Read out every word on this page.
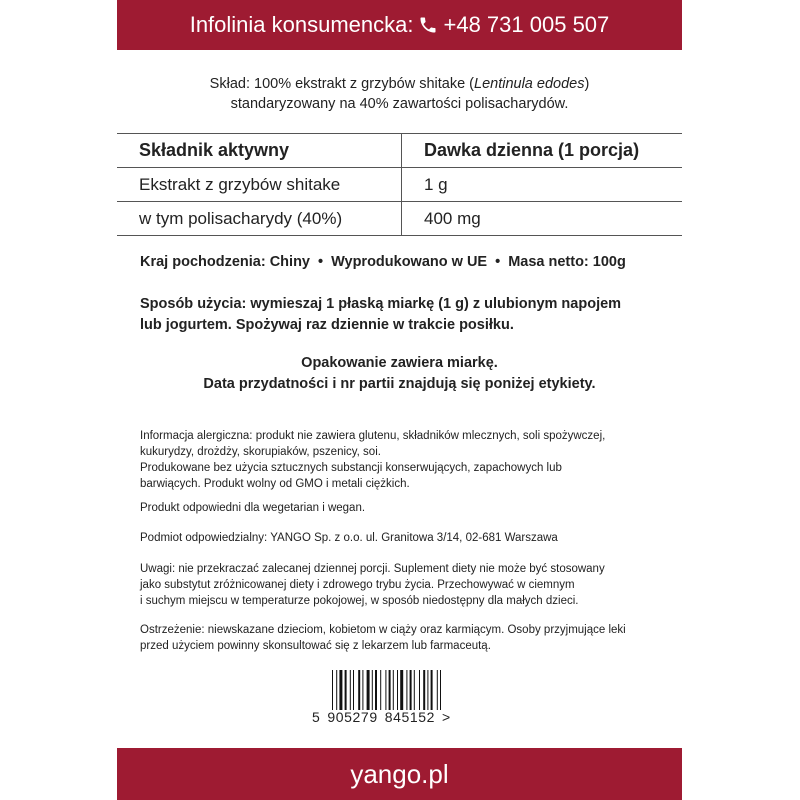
Infolinia konsumencka: +48 731 005 507
Skład: 100% ekstrakt z grzybów shitake (Lentinula edodes)
standaryzowany na 40% zawartości polisacharydów.
Składnik aktywny	Dawka dzienna (1 porcja)
Ekstrakt z grzybów shitake	1 g
w tym polisacharydy (40%)	400 mg
Kraj pochodzenia: Chiny • Wyprodukowano w UE • Masa netto: 100g
Sposób użycia: wymieszaj 1 płaską miarkę (1 g) z ulubionym napojem
lub jogurtem. Spożywaj raz dziennie w trakcie posiłku.
Opakowanie zawiera miarkę.
Data przydatności i nr partii znajdują się poniżej etykiety.
Informacja alergiczna: produkt nie zawiera glutenu, składników mlecznych, soli spożywczej,
kukurydzy, drożdży, skorupiaków, pszenicy, soi.
Produkowane bez użycia sztucznych substancji konserwujących, zapachowych lub
barwiących. Produkt wolny od GMO i metali ciężkich.
Produkt odpowiedni dla wegetarian i wegan.
Podmiot odpowiedzialny: YANGO Sp. z o.o. ul. Granitowa 3/14, 02-681 Warszawa
Uwagi: nie przekraczać zalecanej dziennej porcji. Suplement diety nie może być stosowany
jako substytut zróżnicowanej diety i zdrowego trybu życia. Przechowywać w ciemnym
i suchym miejscu w temperaturze pokojowej, w sposób niedostępny dla małych dzieci.
Ostrzeżenie: niewskazane dzieciom, kobietom w ciąży oraz karmiącym. Osoby przyjmujące leki
przed użyciem powinny skonsultować się z lekarzem lub farmaceutą.
5 905279 845152 >
yango.pl
